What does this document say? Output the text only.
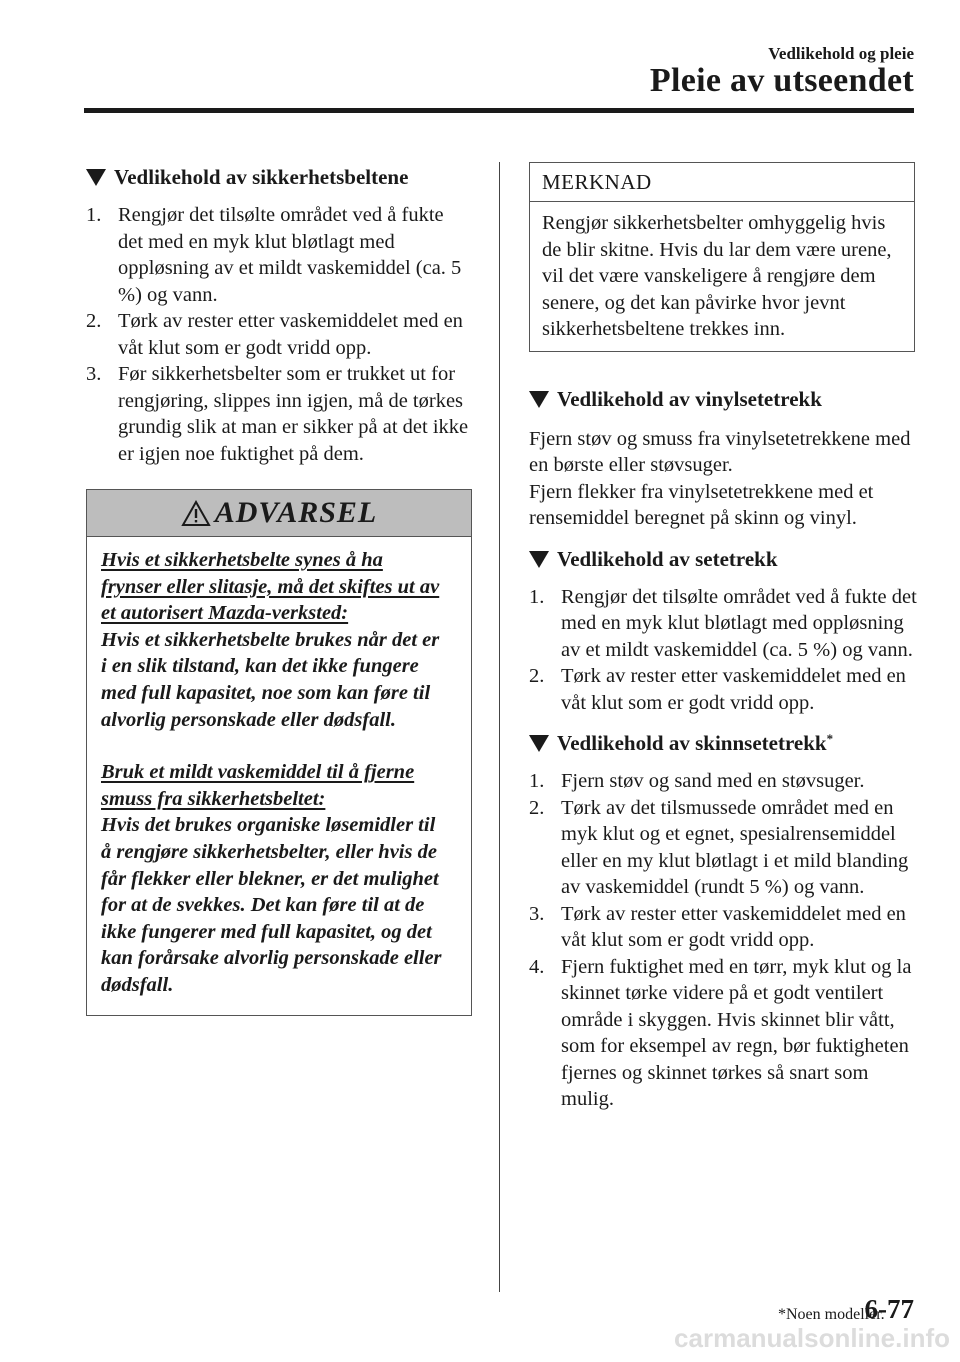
Vedlikehold og pleie
Pleie av utseendet
Vedlikehold av sikkerhetsbeltene
1. Rengjør det tilsølte området ved å fukte det med en myk klut bløtlagt med oppløsning av et mildt vaskemiddel (ca. 5 %) og vann.
2. Tørk av rester etter vaskemiddelet med en våt klut som er godt vridd opp.
3. Før sikkerhetsbelter som er trukket ut for rengjøring, slippes inn igjen, må de tørkes grundig slik at man er sikker på at det ikke er igjen noe fuktighet på dem.
ADVARSEL
Hvis et sikkerhetsbelte synes å ha frynser eller slitasje, må det skiftes ut av et autorisert Mazda-verksted:
Hvis et sikkerhetsbelte brukes når det er i en slik tilstand, kan det ikke fungere med full kapasitet, noe som kan føre til alvorlig personskade eller dødsfall.
Bruk et mildt vaskemiddel til å fjerne smuss fra sikkerhetsbeltet:
Hvis det brukes organiske løsemidler til å rengjøre sikkerhetsbelter, eller hvis de får flekker eller blekner, er det mulighet for at de svekkes. Det kan føre til at de ikke fungerer med full kapasitet, og det kan forårsake alvorlig personskade eller dødsfall.
MERKNAD
Rengjør sikkerhetsbelter omhyggelig hvis de blir skitne. Hvis du lar dem være urene, vil det være vanskeligere å rengjøre dem senere, og det kan påvirke hvor jevnt sikkerhetsbeltene trekkes inn.
Vedlikehold av vinylsetetrekk

Fjern støv og smuss fra vinylsetetrekkene med en børste eller støvsuger.

Fjern flekker fra vinylsetetrekkene med et rensemiddel beregnet på skinn og vinyl.

Vedlikehold av setetrekk
1. Rengjør det tilsølte området ved å fukte det med en myk klut bløtlagt med oppløsning av et mildt vaskemiddel (ca. 5 %) og vann.
2. Tørk av rester etter vaskemiddelet med en våt klut som er godt vridd opp.
Vedlikehold av skinnsetetrekk*
1. Fjern støv og sand med en støvsuger.
2. Tørk av det tilsmussede området med en myk klut og et egnet, spesialrensemiddel eller en my klut bløtlagt i et mild blanding av vaskemiddel (rundt 5 %) og vann.
3. Tørk av rester etter vaskemiddelet med en våt klut som er godt vridd opp.
4. Fjern fuktighet med en tørr, myk klut og la skinnet tørke videre på et godt ventilert område i skyggen. Hvis skinnet blir vått, som for eksempel av regn, bør fuktigheten fjernes og skinnet tørkes så snart som mulig.
*Noen modeller.
6-77
carmanualsonline.info
